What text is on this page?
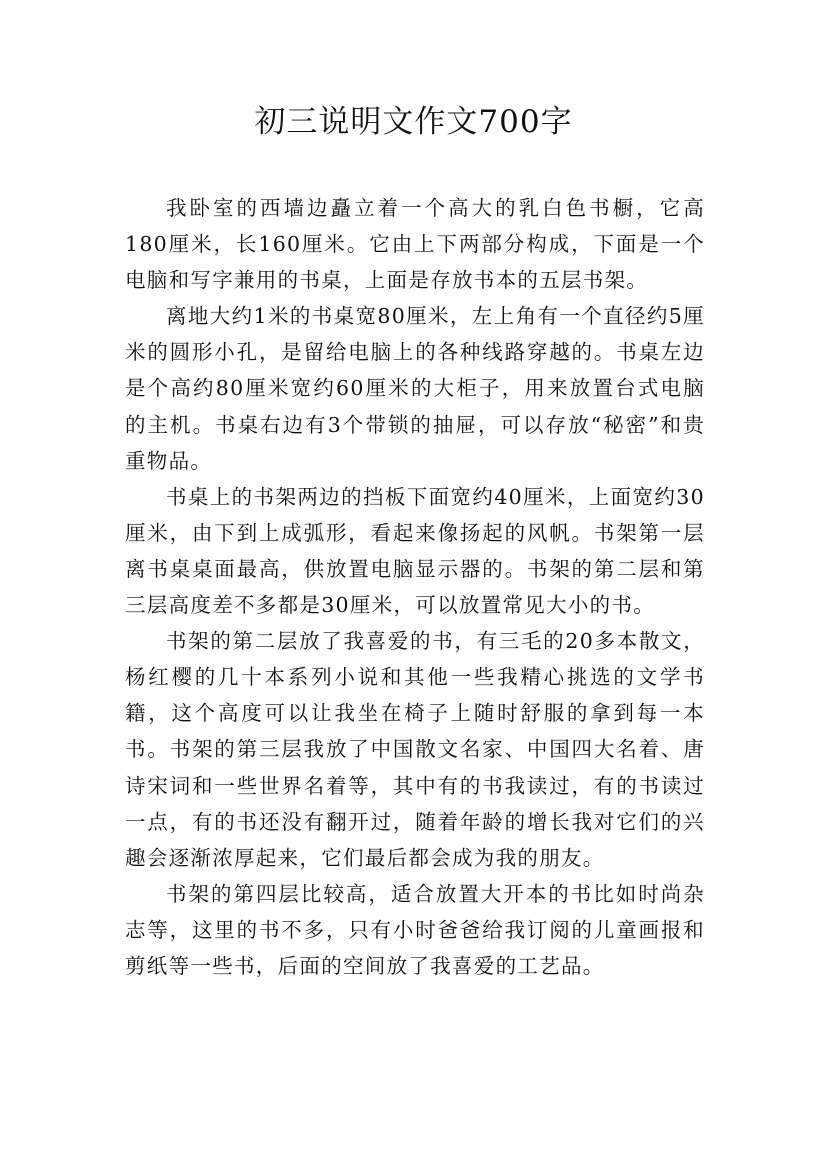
初三说明文作文700字

我卧室的西墙边矗立着一个高大的乳白色书橱，它高180厘米，长160厘米。它由上下两部分构成，下面是一个电脑和写字兼用的书桌，上面是存放书本的五层书架。

离地大约1米的书桌宽80厘米，左上角有一个直径约5厘米的圆形小孔，是留给电脑上的各种线路穿越的。书桌左边是个高约80厘米宽约60厘米的大柜子，用来放置台式电脑的主机。书桌右边有3个带锁的抽屉，可以存放“秘密”和贵重物品。

书桌上的书架两边的挡板下面宽约40厘米，上面宽约30厘米，由下到上成弧形，看起来像扬起的风帆。书架第一层离书桌桌面最高，供放置电脑显示器的。书架的第二层和第三层高度差不多都是30厘米，可以放置常见大小的书。

书架的第二层放了我喜爱的书，有三毛的20多本散文，杨红樱的几十本系列小说和其他一些我精心挑选的文学书籍，这个高度可以让我坐在椅子上随时舒服的拿到每一本书。书架的第三层我放了中国散文名家、中国四大名着、唐诗宋词和一些世界名着等，其中有的书我读过，有的书读过一点，有的书还没有翻开过，随着年龄的增长我对它们的兴趣会逐渐浓厚起来，它们最后都会成为我的朋友。

书架的第四层比较高，适合放置大开本的书比如时尚杂志等，这里的书不多，只有小时爸爸给我订阅的儿童画报和剪纸等一些书，后面的空间放了我喜爱的工艺品。
